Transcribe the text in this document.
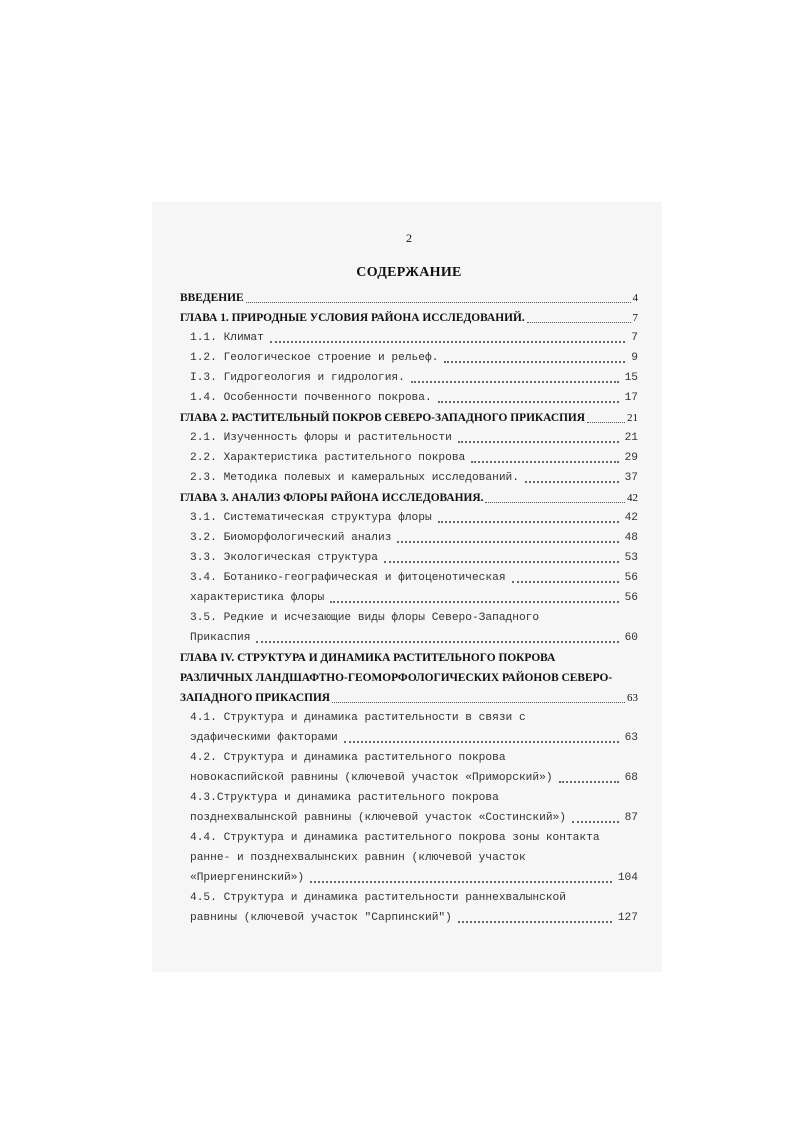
2
СОДЕРЖАНИЕ
ВВЕДЕНИЕ	4
ГЛАВА 1. ПРИРОДНЫЕ УСЛОВИЯ РАЙОНА ИССЛЕДОВАНИЙ.	7
1.1. Климат	7
1.2. Геологическое строение и рельеф.	9
I.3. Гидрогеология и гидрология.	15
1.4. Особенности почвенного покрова.	17
ГЛАВА 2. РАСТИТЕЛЬНЫЙ ПОКРОВ СЕВЕРО-ЗАПАДНОГО ПРИКАСПИЯ	21
2.1. Изученность флоры и растительности	21
2.2. Характеристика растительного покрова	29
2.3. Методика полевых и камеральных исследований.	37
ГЛАВА 3. АНАЛИЗ ФЛОРЫ РАЙОНА ИССЛЕДОВАНИЯ.	42
3.1. Систематическая структура флоры	42
3.2. Биоморфологический анализ	48
3.3. Экологическая структура	53
3.4. Ботанико-географическая и фитоценотическая	56
характеристика флоры	56
3.5. Редкие и исчезающие виды флоры Северо-Западного
Прикаспия	60
ГЛАВА IV. СТРУКТУРА И ДИНАМИКА РАСТИТЕЛЬНОГО ПОКРОВА
РАЗЛИЧНЫХ ЛАНДШАФТНО-ГЕОМОРФОЛОГИЧЕСКИХ РАЙОНОВ СЕВЕРО-
ЗАПАДНОГО ПРИКАСПИЯ	63
4.1. Структура и динамика растительности в связи с
эдафическими факторами	63
4.2. Структура и динамика растительного покрова
новокаспийской равнины (ключевой участок «Приморский»)	68
4.3.Структура и динамика растительного покрова
позднехвалынской равнины (ключевой участок «Состинский»)	87
4.4. Структура и динамика растительного покрова зоны контакта
ранне- и позднехвалынских равнин (ключевой участок
«Приергенинский»)	104
4.5. Структура и динамика растительности раннехвалынской
равнины (ключевой участок "Сарпинский")	127
